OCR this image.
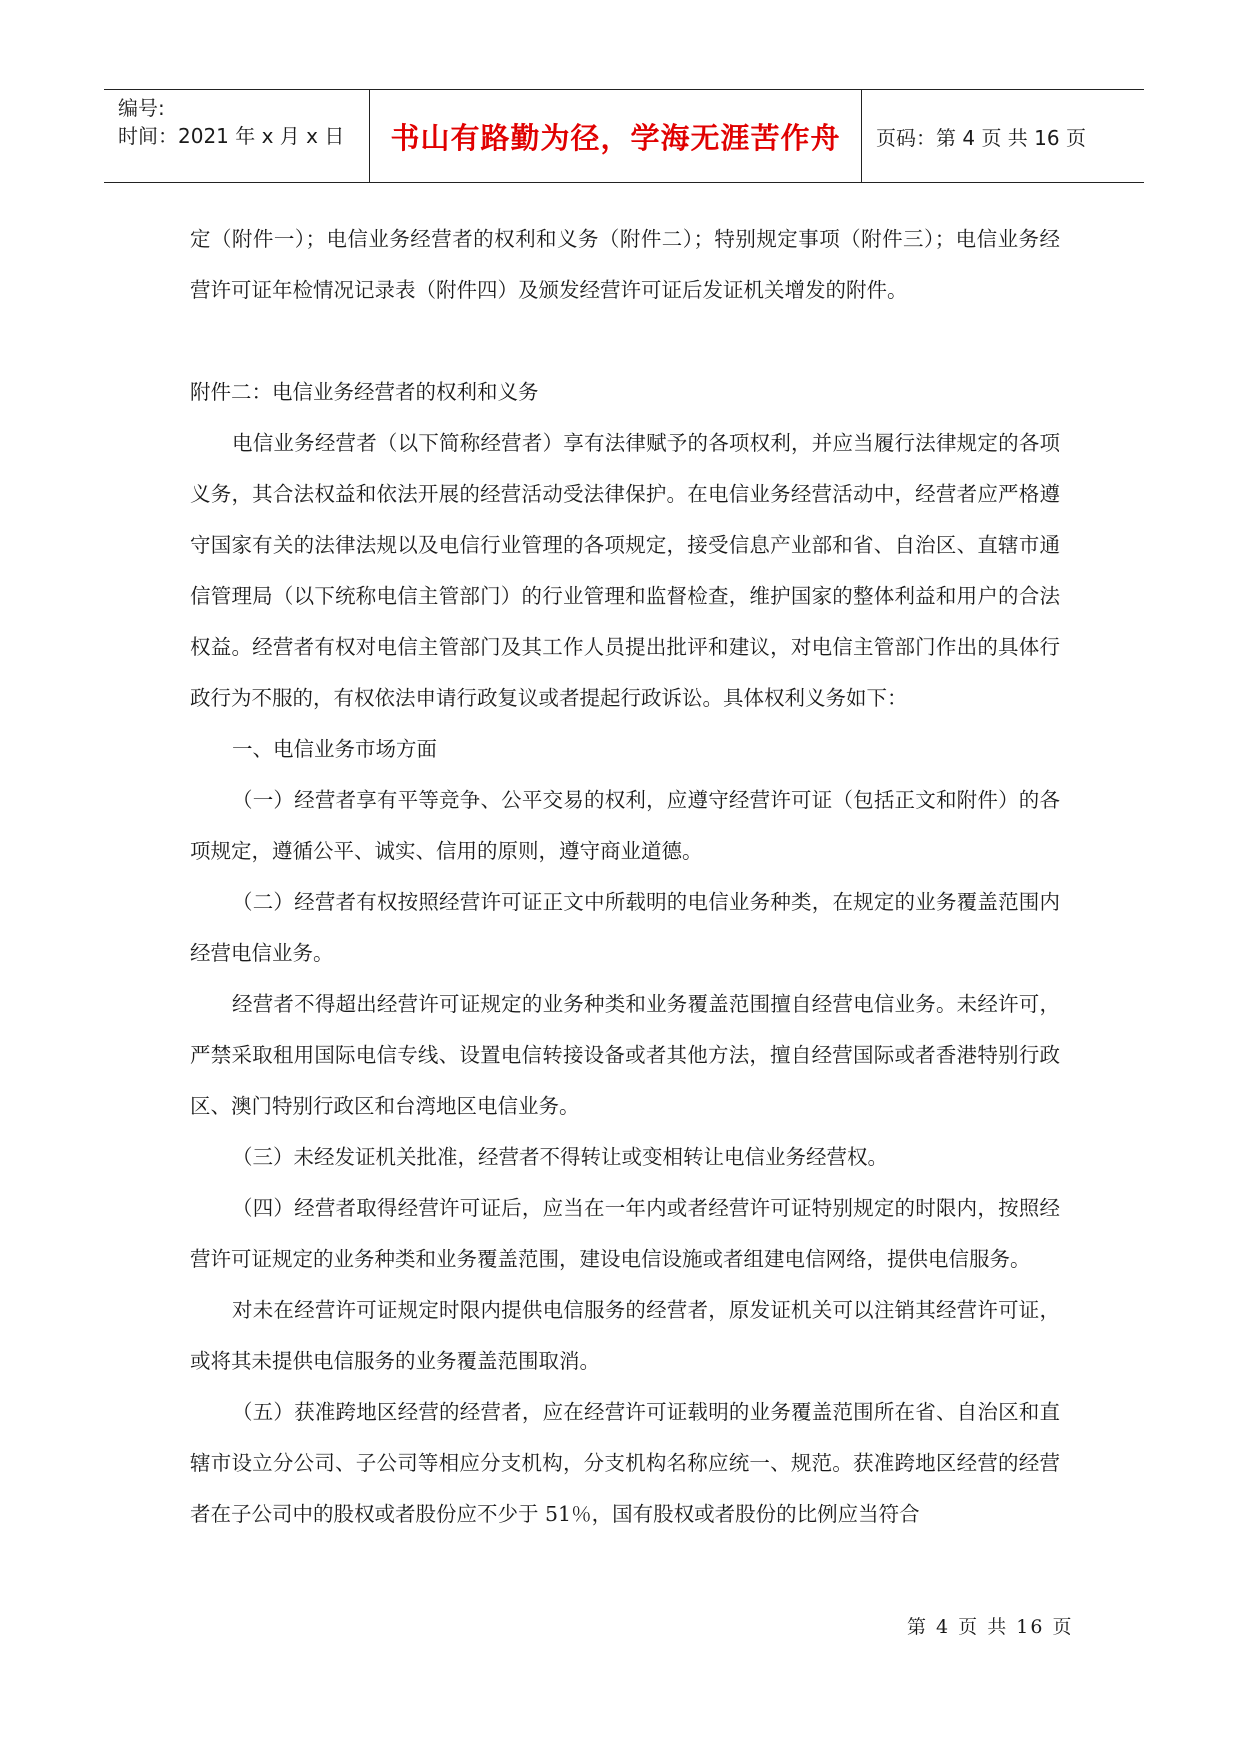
编号:
时间：2021 年 x 月 x 日	书山有路勤为径，学海无涯苦作舟	页码：第 4 页 共 16 页

定（附件一）；电信业务经营者的权利和义务（附件二）；特别规定事项（附件三）；电信业务经营许可证年检情况记录表（附件四）及颁发经营许可证后发证机关增发的附件。

附件二：电信业务经营者的权利和义务

电信业务经营者（以下简称经营者）享有法律赋予的各项权利，并应当履行法律规定的各项义务，其合法权益和依法开展的经营活动受法律保护。在电信业务经营活动中，经营者应严格遵守国家有关的法律法规以及电信行业管理的各项规定，接受信息产业部和省、自治区、直辖市通信管理局（以下统称电信主管部门）的行业管理和监督检查，维护国家的整体利益和用户的合法权益。经营者有权对电信主管部门及其工作人员提出批评和建议，对电信主管部门作出的具体行政行为不服的，有权依法申请行政复议或者提起行政诉讼。具体权利义务如下：

一、电信业务市场方面

（一）经营者享有平等竞争、公平交易的权利，应遵守经营许可证（包括正文和附件）的各项规定，遵循公平、诚实、信用的原则，遵守商业道德。

（二）经营者有权按照经营许可证正文中所载明的电信业务种类，在规定的业务覆盖范围内经营电信业务。

经营者不得超出经营许可证规定的业务种类和业务覆盖范围擅自经营电信业务。未经许可，严禁采取租用国际电信专线、设置电信转接设备或者其他方法，擅自经营国际或者香港特别行政区、澳门特别行政区和台湾地区电信业务。

（三）未经发证机关批准，经营者不得转让或变相转让电信业务经营权。

（四）经营者取得经营许可证后，应当在一年内或者经营许可证特别规定的时限内，按照经营许可证规定的业务种类和业务覆盖范围，建设电信设施或者组建电信网络，提供电信服务。

对未在经营许可证规定时限内提供电信服务的经营者，原发证机关可以注销其经营许可证，或将其未提供电信服务的业务覆盖范围取消。

（五）获准跨地区经营的经营者，应在经营许可证载明的业务覆盖范围所在省、自治区和直辖市设立分公司、子公司等相应分支机构，分支机构名称应统一、规范。获准跨地区经营的经营者在子公司中的股权或者股份应不少于 51％，国有股权或者股份的比例应当符合

第 4 页 共 16 页
